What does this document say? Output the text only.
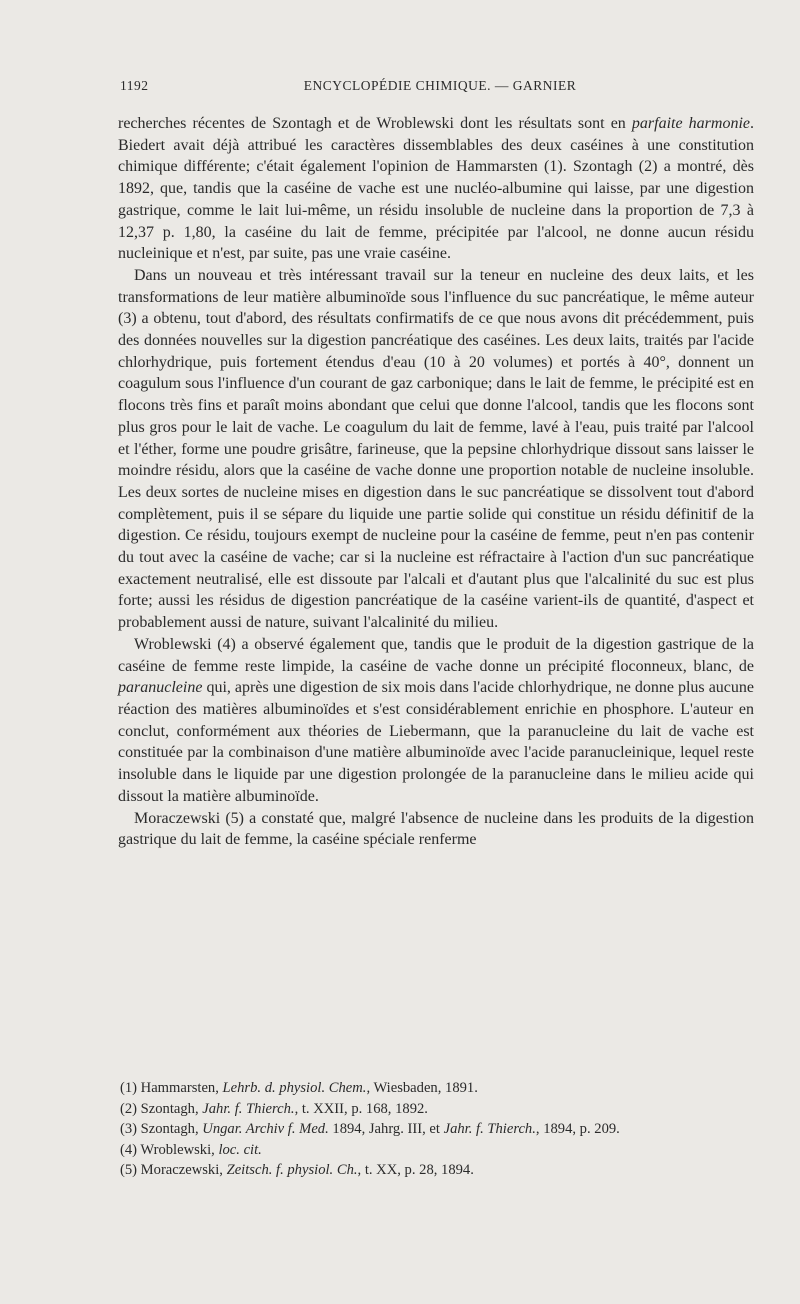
1192	ENCYCLOPÉDIE CHIMIQUE. — GARNIER

recherches récentes de Szontagh et de Wroblewski dont les résultats sont en parfaite harmonie. Biedert avait déjà attribué les caractères dissemblables des deux caséines à une constitution chimique différente; c'était également l'opinion de Hammarsten (1). Szontagh (2) a montré, dès 1892, que, tandis que la caséine de vache est une nucléo-albumine qui laisse, par une digestion gastrique, comme le lait lui-même, un résidu insoluble de nucleine dans la proportion de 7,3 à 12,37 p. 1,80, la caséine du lait de femme, précipitée par l'alcool, ne donne aucun résidu nucleinique et n'est, par suite, pas une vraie caséine.

Dans un nouveau et très intéressant travail sur la teneur en nucleine des deux laits, et les transformations de leur matière albuminoïde sous l'influence du suc pancréatique, le même auteur (3) a obtenu, tout d'abord, des résultats confirmatifs de ce que nous avons dit précédemment, puis des données nouvelles sur la digestion pancréatique des caséines. Les deux laits, traités par l'acide chlorhydrique, puis fortement étendus d'eau (10 à 20 volumes) et portés à 40°, donnent un coagulum sous l'influence d'un courant de gaz carbonique; dans le lait de femme, le précipité est en flocons très fins et paraît moins abondant que celui que donne l'alcool, tandis que les flocons sont plus gros pour le lait de vache. Le coagulum du lait de femme, lavé à l'eau, puis traité par l'alcool et l'éther, forme une poudre grisâtre, farineuse, que la pepsine chlorhydrique dissout sans laisser le moindre résidu, alors que la caséine de vache donne une proportion notable de nucleine insoluble. Les deux sortes de nucleine mises en digestion dans le suc pancréatique se dissolvent tout d'abord complètement, puis il se sépare du liquide une partie solide qui constitue un résidu définitif de la digestion. Ce résidu, toujours exempt de nucleine pour la caséine de femme, peut n'en pas contenir du tout avec la caséine de vache; car si la nucleine est réfractaire à l'action d'un suc pancréatique exactement neutralisé, elle est dissoute par l'alcali et d'autant plus que l'alcalinité du suc est plus forte; aussi les résidus de digestion pancréatique de la caséine varient-ils de quantité, d'aspect et probablement aussi de nature, suivant l'alcalinité du milieu.

Wroblewski (4) a observé également que, tandis que le produit de la digestion gastrique de la caséine de femme reste limpide, la caséine de vache donne un précipité floconneux, blanc, de paranucleine qui, après une digestion de six mois dans l'acide chlorhydrique, ne donne plus aucune réaction des matières albuminoïdes et s'est considérablement enrichie en phosphore. L'auteur en conclut, conformément aux théories de Liebermann, que la paranucleine du lait de vache est constituée par la combinaison d'une matière albuminoïde avec l'acide paranucleinique, lequel reste insoluble dans le liquide par une digestion prolongée de la paranucleine dans le milieu acide qui dissout la matière albuminoïde.

Moraczewski (5) a constaté que, malgré l'absence de nucleine dans les produits de la digestion gastrique du lait de femme, la caséine spéciale renferme

(1) Hammarsten, Lehrb. d. physiol. Chem., Wiesbaden, 1891.
(2) Szontagh, Jahr. f. Thierch., t. XXII, p. 168, 1892.
(3) Szontagh, Ungar. Archiv f. Med. 1894, Jahrg. III, et Jahr. f. Thierch., 1894, p. 209.
(4) Wroblewski, loc. cit.
(5) Moraczewski, Zeitsch. f. physiol. Ch., t. XX, p. 28, 1894.
